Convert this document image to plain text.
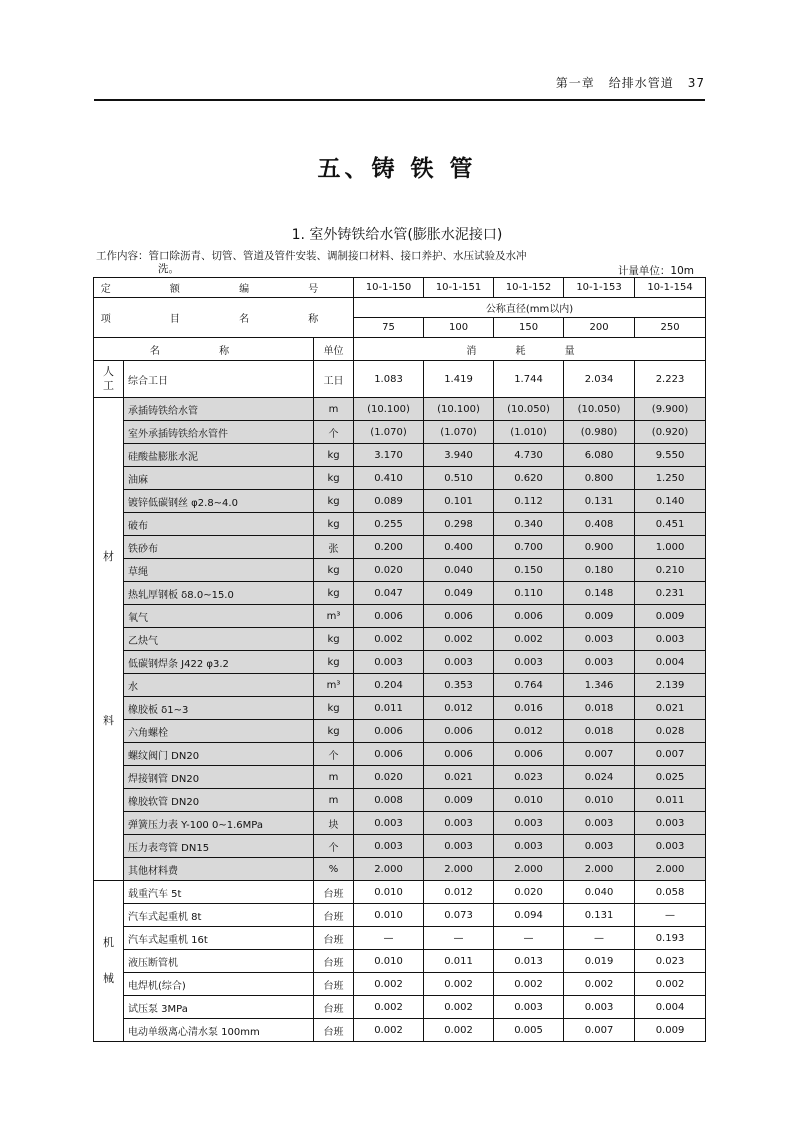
第一章 给排水管道 37
五、铸 铁 管
1. 室外铸铁给水管(膨胀水泥接口)
工作内容：管口除沥青、切管、管道及管件安装、调制接口材料、接口养护、水压试验及水冲
洗。	计量单位：10m
定 额 编 号			10-1-150	10-1-151	10-1-152	10-1-153	10-1-154
项 目 名 称			公称直径(mm以内)				
			75	100	150	200	250
名 称		单位	消 耗 量				

人
工	综合工日	工日	1.083	1.419	1.744	2.034	2.223

材
料	承插铸铁给水管	m	(10.100)	(10.100)	(10.050)	(10.050)	(9.900)
	室外承插铸铁给水管件	个	(1.070)	(1.070)	(1.010)	(0.980)	(0.920)
	硅酸盐膨胀水泥	kg	3.170	3.940	4.730	6.080	9.550
	油麻	kg	0.410	0.510	0.620	0.800	1.250
	镀锌低碳钢丝 φ2.8~4.0	kg	0.089	0.101	0.112	0.131	0.140
	破布	kg	0.255	0.298	0.340	0.408	0.451
	铁砂布	张	0.200	0.400	0.700	0.900	1.000
	草绳	kg	0.020	0.040	0.150	0.180	0.210
	热轧厚钢板 δ8.0~15.0	kg	0.047	0.049	0.110	0.148	0.231
	氧气	m³	0.006	0.006	0.006	0.009	0.009
	乙炔气	kg	0.002	0.002	0.002	0.003	0.003
	低碳钢焊条 J422 φ3.2	kg	0.003	0.003	0.003	0.003	0.004
	水	m³	0.204	0.353	0.764	1.346	2.139
	橡胶板 δ1~3	kg	0.011	0.012	0.016	0.018	0.021
	六角螺栓	kg	0.006	0.006	0.012	0.018	0.028
	螺纹阀门 DN20	个	0.006	0.006	0.006	0.007	0.007
	焊接钢管 DN20	m	0.020	0.021	0.023	0.024	0.025
	橡胶软管 DN20	m	0.008	0.009	0.010	0.010	0.011
	弹簧压力表 Y-100 0~1.6MPa	块	0.003	0.003	0.003	0.003	0.003
	压力表弯管 DN15	个	0.003	0.003	0.003	0.003	0.003
	其他材料费	%	2.000	2.000	2.000	2.000	2.000

机
械	载重汽车 5t	台班	0.010	0.012	0.020	0.040	0.058
	汽车式起重机 8t	台班	0.010	0.073	0.094	0.131	—
	汽车式起重机 16t	台班	—	—	—	—	0.193
	液压断管机	台班	0.010	0.011	0.013	0.019	0.023
	电焊机(综合)	台班	0.002	0.002	0.002	0.002	0.002
	试压泵 3MPa	台班	0.002	0.002	0.003	0.003	0.004
	电动单级离心清水泵 100mm	台班	0.002	0.002	0.005	0.007	0.009
